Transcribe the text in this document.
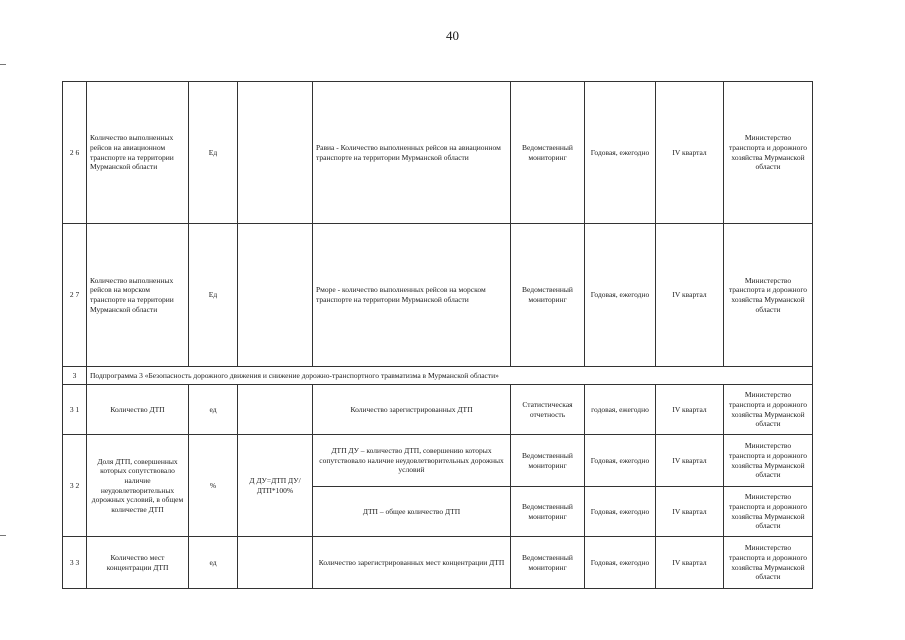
40
2 6	Количество выполненных рейсов на авиационном транспорте на территории Мурманской области	Ед		Равиа - Количество выполненных рейсов на авиационном транспорте на территории Мурманской области	Ведомственный мониторинг	Годовая, ежегодно	IV квартал	Министерство транспорта и дорожного хозяйства Мурманской области
2 7	Количество выполненных рейсов на морском транспорте на территории Мурманской области	Ед		Рморе - количество выполненных рейсов на морском транспорте на территории Мурманской области	Ведомственный мониторинг	Годовая, ежегодно	IV квартал	Министерство транспорта и дорожного хозяйства Мурманской области
3	Подпрограмма 3 «Безопасность дорожного движения и снижение дорожно-транспортного травматизма в Мурманской области»							
3 1	Количество ДТП	ед		Количество зарегистрированных ДТП	Статистическая отчетность	годовая, ежегодно	IV квартал	Министерство транспорта и дорожного хозяйства Мурманской области
3 2	Доля ДТП, совершенных которых сопутствовало наличие неудовлетворительных дорожных условий, в общем количестве ДТП	%	Д ДУ=ДТП ДУ/ДТП*100%	ДТП ДУ – количество ДТП, совершению которых сопутствовало наличие неудовлетворительных дорожных условий	Ведомственный мониторинг	Годовая, ежегодно	IV квартал	Министерство транспорта и дорожного хозяйства Мурманской области
				ДТП – общее количество ДТП	Ведомственный мониторинг	Годовая, ежегодно	IV квартал	Министерство транспорта и дорожного хозяйства Мурманской области
3 3	Количество мест концентрации ДТП	ед		Количество зарегистрированных мест концентрации ДТП	Ведомственный мониторинг	Годовая, ежегодно	IV квартал	Министерство транспорта и дорожного хозяйства Мурманской области
